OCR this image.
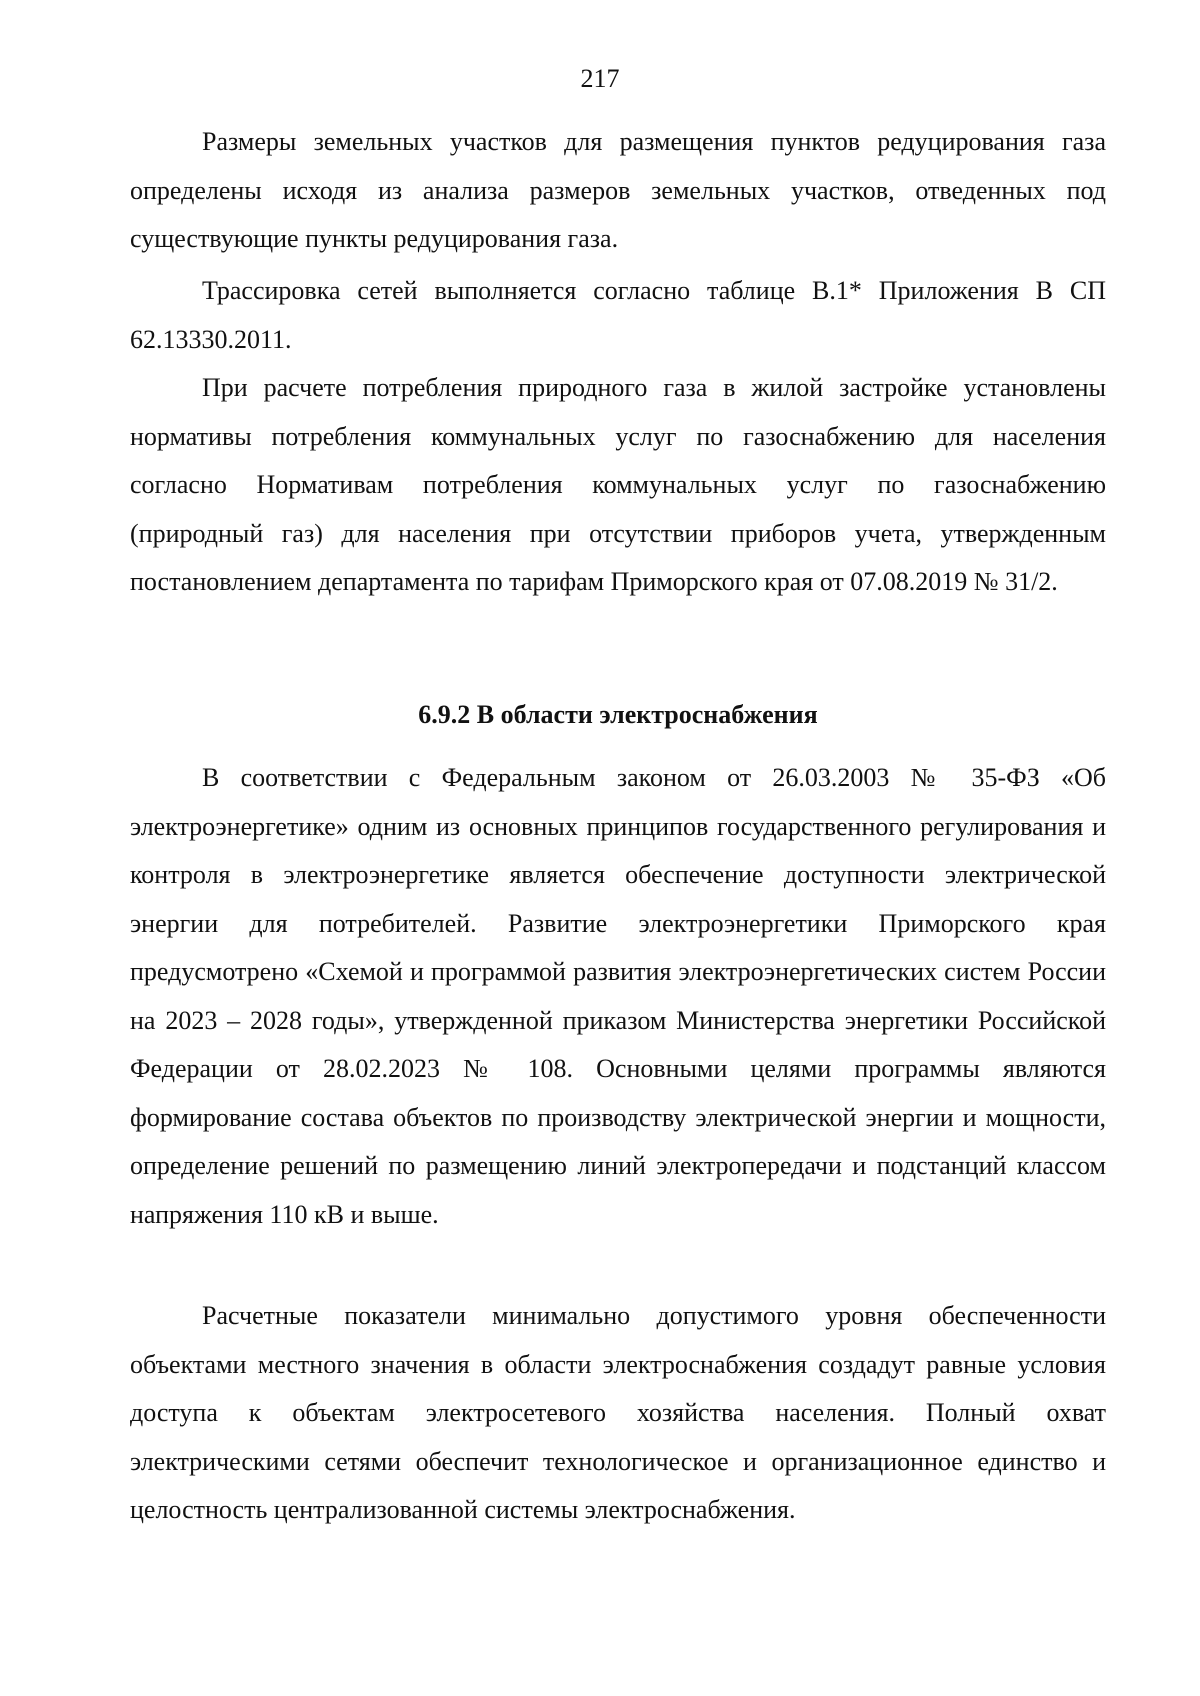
217

Размеры земельных участков для размещения пунктов редуцирования газа определены исходя из анализа размеров земельных участков, отведенных под существующие пункты редуцирования газа.

Трассировка сетей выполняется согласно таблице В.1* Приложения В СП 62.13330.2011.

При расчете потребления природного газа в жилой застройке установлены нормативы потребления коммунальных услуг по газоснабжению для населения согласно Нормативам потребления коммунальных услуг по газоснабжению (природный газ) для населения при отсутствии приборов учета, утвержденным постановлением департамента по тарифам Приморского края от 07.08.2019 № 31/2.

6.9.2 В области электроснабжения

В соответствии с Федеральным законом от 26.03.2003 № 35-ФЗ «Об электроэнергетике» одним из основных принципов государственного регулирования и контроля в электроэнергетике является обеспечение доступности электрической энергии для потребителей. Развитие электроэнергетики Приморского края предусмотрено «Схемой и программой развития электроэнергетических систем России на 2023 – 2028 годы», утвержденной приказом Министерства энергетики Российской Федерации от 28.02.2023 № 108. Основными целями программы являются формирование состава объектов по производству электрической энергии и мощности, определение решений по размещению линий электропередачи и подстанций классом напряжения 110 кВ и выше.

Расчетные показатели минимально допустимого уровня обеспеченности объектами местного значения в области электроснабжения создадут равные условия доступа к объектам электросетевого хозяйства населения. Полный охват электрическими сетями обеспечит технологическое и организационное единство и целостность централизованной системы электроснабжения.
